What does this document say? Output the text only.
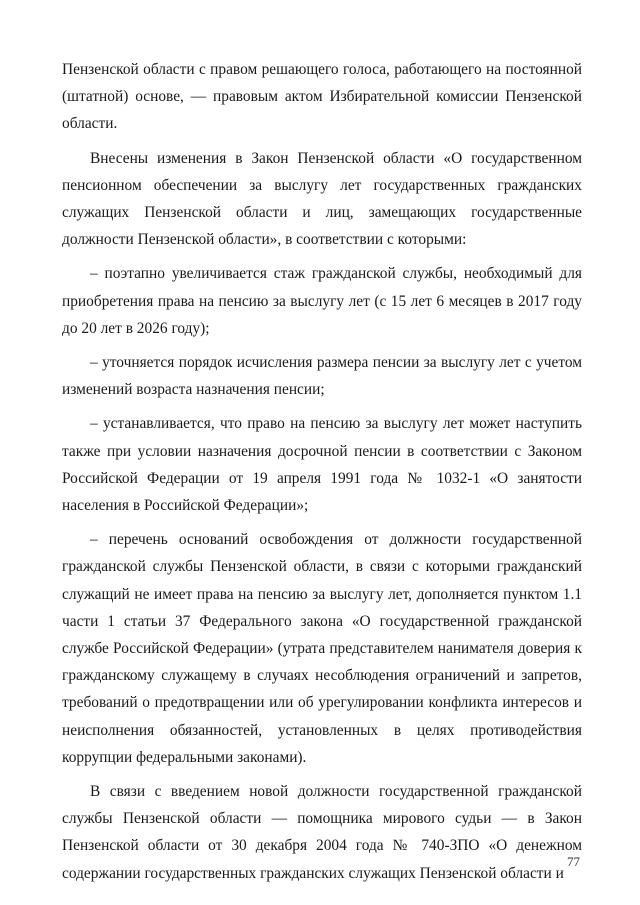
Пензенской области с правом решающего голоса, работающего на постоянной (штатной) основе, — правовым актом Избирательной комиссии Пензенской области.

Внесены изменения в Закон Пензенской области «О государственном пенсионном обеспечении за выслугу лет государственных гражданских служащих Пензенской области и лиц, замещающих государственные должности Пензенской области», в соответствии с которыми:

– поэтапно увеличивается стаж гражданской службы, необходимый для приобретения права на пенсию за выслугу лет (с 15 лет 6 месяцев в 2017 году до 20 лет в 2026 году);

– уточняется порядок исчисления размера пенсии за выслугу лет с учетом изменений возраста назначения пенсии;

– устанавливается, что право на пенсию за выслугу лет может наступить также при условии назначения досрочной пенсии в соответствии с Законом Российской Федерации от 19 апреля 1991 года № 1032-1 «О занятости населения в Российской Федерации»;

– перечень оснований освобождения от должности государственной гражданской службы Пензенской области, в связи с которыми гражданский служащий не имеет права на пенсию за выслугу лет, дополняется пунктом 1.1 части 1 статьи 37 Федерального закона «О государственной гражданской службе Российской Федерации» (утрата представителем нанимателя доверия к гражданскому служащему в случаях несоблюдения ограничений и запретов, требований о предотвращении или об урегулировании конфликта интересов и неисполнения обязанностей, установленных в целях противодействия коррупции федеральными законами).

В связи с введением новой должности государственной гражданской службы Пензенской области — помощника мирового судьи — в Закон Пензенской области от 30 декабря 2004 года № 740-ЗПО «О денежном содержании государственных гражданских служащих Пензенской области и

77
